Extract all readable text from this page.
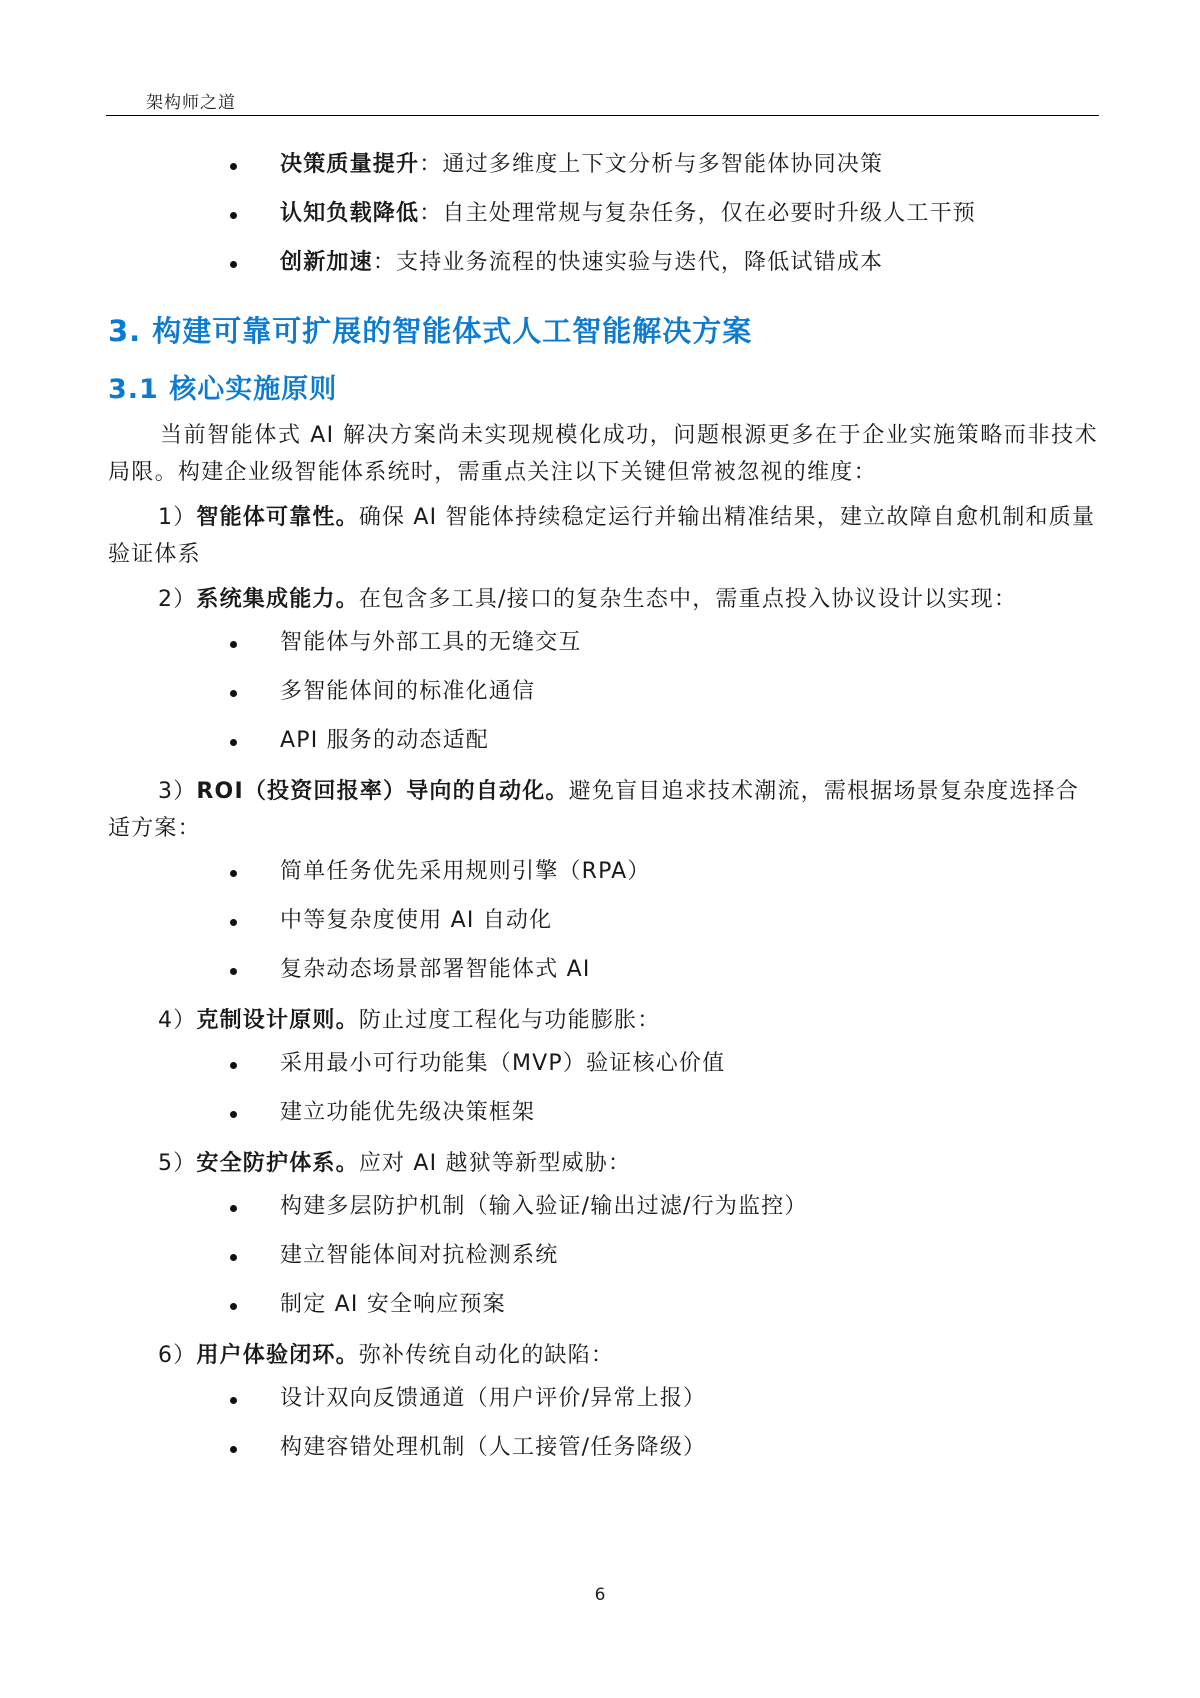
架构师之道
决策质量提升：通过多维度上下文分析与多智能体协同决策
认知负载降低：自主处理常规与复杂任务，仅在必要时升级人工干预
创新加速：支持业务流程的快速实验与迭代，降低试错成本
3. 构建可靠可扩展的智能体式人工智能解决方案
3.1 核心实施原则

当前智能体式 AI 解决方案尚未实现规模化成功，问题根源更多在于企业实施策略而非技术局限。构建企业级智能体系统时，需重点关注以下关键但常被忽视的维度：

1）智能体可靠性。确保 AI 智能体持续稳定运行并输出精准结果，建立故障自愈机制和质量验证体系
2）系统集成能力。在包含多工具/接口的复杂生态中，需重点投入协议设计以实现：
智能体与外部工具的无缝交互
多智能体间的标准化通信
API 服务的动态适配
3）ROI（投资回报率）导向的自动化。避免盲目追求技术潮流，需根据场景复杂度选择合适方案：
简单任务优先采用规则引擎（RPA）
中等复杂度使用 AI 自动化
复杂动态场景部署智能体式 AI
4）克制设计原则。防止过度工程化与功能膨胀：
采用最小可行功能集（MVP）验证核心价值
建立功能优先级决策框架
5）安全防护体系。应对 AI 越狱等新型威胁：
构建多层防护机制（输入验证/输出过滤/行为监控）
建立智能体间对抗检测系统
制定 AI 安全响应预案
6）用户体验闭环。弥补传统自动化的缺陷：
设计双向反馈通道（用户评价/异常上报）
构建容错处理机制（人工接管/任务降级）
6
